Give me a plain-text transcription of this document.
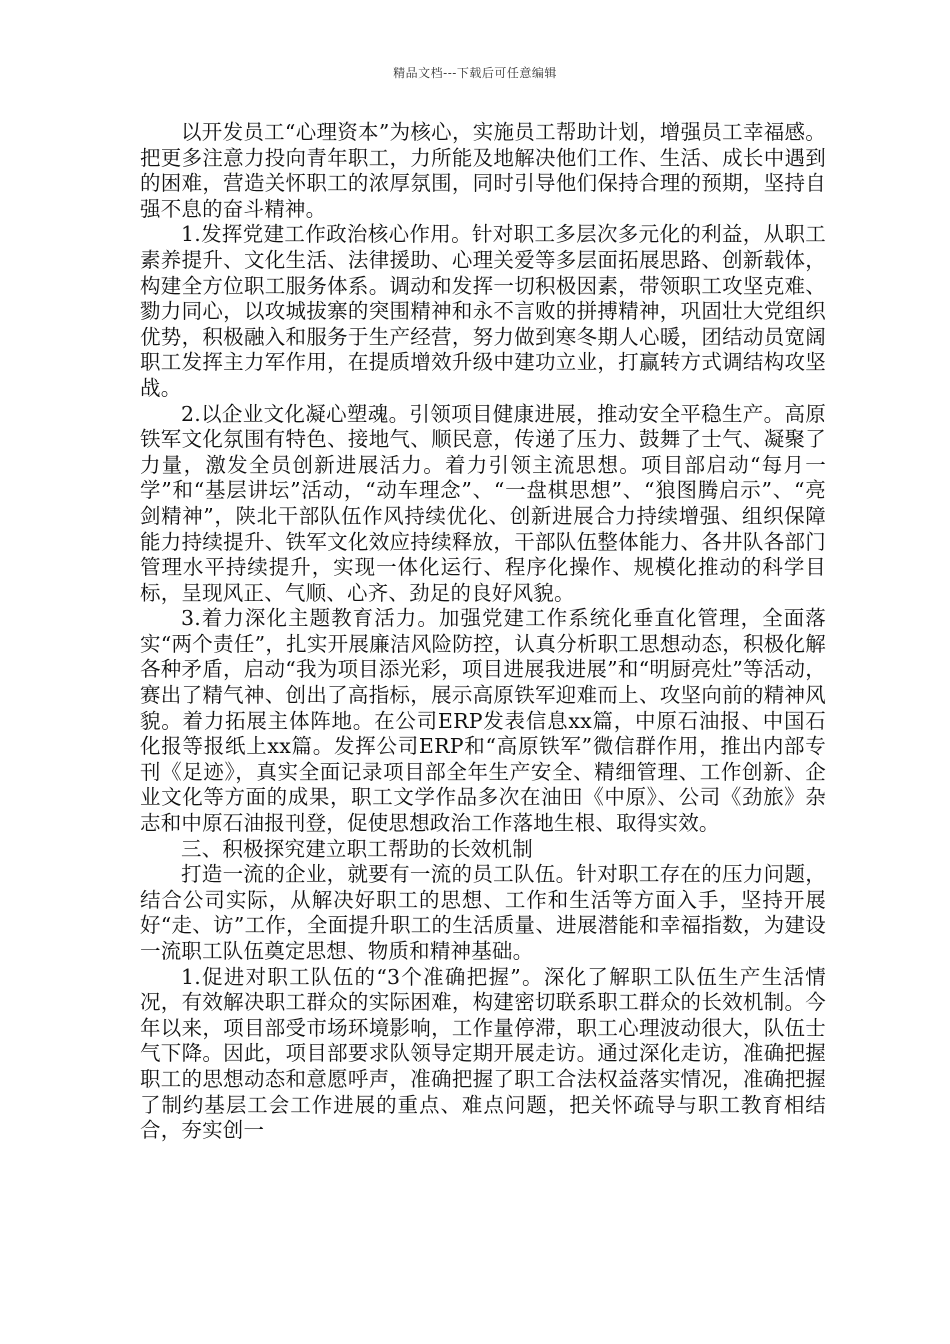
精品文档---下载后可任意编辑

以开发员工“心理资本”为核心，实施员工帮助计划，增强员工幸福感。把更多注意力投向青年职工，力所能及地解决他们工作、生活、成长中遇到的困难，营造关怀职工的浓厚氛围，同时引导他们保持合理的预期，坚持自强不息的奋斗精神。

1.发挥党建工作政治核心作用。针对职工多层次多元化的利益，从职工素养提升、文化生活、法律援助、心理关爱等多层面拓展思路、创新载体，构建全方位职工服务体系。调动和发挥一切积极因素，带领职工攻坚克难、勠力同心，以攻城拔寨的突围精神和永不言败的拼搏精神，巩固壮大党组织优势，积极融入和服务于生产经营，努力做到寒冬期人心暖，团结动员宽阔职工发挥主力军作用，在提质增效升级中建功立业，打赢转方式调结构攻坚战。

2.以企业文化凝心塑魂。引领项目健康进展，推动安全平稳生产。高原铁军文化氛围有特色、接地气、顺民意，传递了压力、鼓舞了士气、凝聚了力量，激发全员创新进展活力。着力引领主流思想。项目部启动“每月一学”和“基层讲坛”活动，“动车理念”、“一盘棋思想”、“狼图腾启示”、“亮剑精神”，陕北干部队伍作风持续优化、创新进展合力持续增强、组织保障能力持续提升、铁军文化效应持续释放，干部队伍整体能力、各井队各部门管理水平持续提升，实现一体化运行、程序化操作、规模化推动的科学目标，呈现风正、气顺、心齐、劲足的良好风貌。

3.着力深化主题教育活力。加强党建工作系统化垂直化管理，全面落实“两个责任”，扎实开展廉洁风险防控，认真分析职工思想动态，积极化解各种矛盾，启动“我为项目添光彩，项目进展我进展”和“明厨亮灶”等活动，赛出了精气神、创出了高指标，展示高原铁军迎难而上、攻坚向前的精神风貌。着力拓展主体阵地。在公司ERP发表信息xx篇，中原石油报、中国石化报等报纸上xx篇。发挥公司ERP和“高原铁军”微信群作用，推出内部专刊《足迹》，真实全面记录项目部全年生产安全、精细管理、工作创新、企业文化等方面的成果，职工文学作品多次在油田《中原》、公司《劲旅》杂志和中原石油报刊登，促使思想政治工作落地生根、取得实效。

三、积极探究建立职工帮助的长效机制

打造一流的企业，就要有一流的员工队伍。针对职工存在的压力问题，结合公司实际，从解决好职工的思想、工作和生活等方面入手，坚持开展好“走、访”工作，全面提升职工的生活质量、进展潜能和幸福指数，为建设一流职工队伍奠定思想、物质和精神基础。

1.促进对职工队伍的“3个准确把握”。深化了解职工队伍生产生活情况，有效解决职工群众的实际困难，构建密切联系职工群众的长效机制。今年以来，项目部受市场环境影响，工作量停滞，职工心理波动很大，队伍士气下降。因此，项目部要求队领导定期开展走访。通过深化走访，准确把握职工的思想动态和意愿呼声，准确把握了职工合法权益落实情况，准确把握了制约基层工会工作进展的重点、难点问题，把关怀疏导与职工教育相结合，夯实创一
